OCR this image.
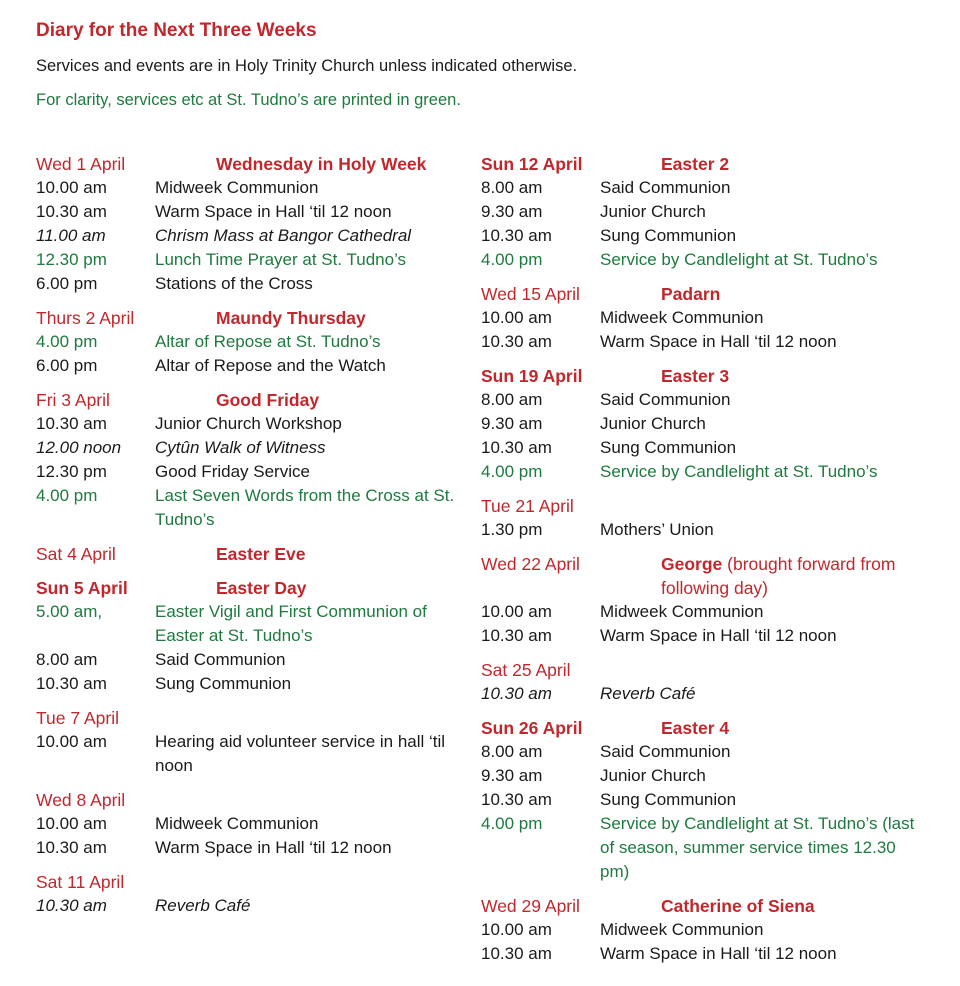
Diary for the Next Three Weeks
Services and events are in Holy Trinity Church unless indicated otherwise.
For clarity, services etc at St. Tudno’s are printed in green.
Wed 1 April	Wednesday in Holy Week
10.00 am	Midweek Communion
10.30 am	Warm Space in Hall ‘til 12 noon
11.00 am	Chrism Mass at Bangor Cathedral
12.30 pm	Lunch Time Prayer at St. Tudno’s
6.00 pm	Stations of the Cross
Thurs 2 April	Maundy Thursday
4.00 pm	Altar of Repose at St. Tudno’s
6.00 pm	Altar of Repose and the Watch
Fri 3 April	Good Friday
10.30 am	Junior Church Workshop
12.00 noon	Cytûn Walk of Witness
12.30 pm	Good Friday Service
4.00 pm	Last Seven Words from the Cross at St. Tudno’s
Sat 4 April	Easter Eve
Sun 5 April	Easter Day
5.00 am,	Easter Vigil and First Communion of Easter at St. Tudno’s
8.00 am	Said Communion
10.30 am	Sung Communion
Tue 7 April
10.00 am	Hearing aid volunteer service in hall ‘til noon
Wed 8 April
10.00 am	Midweek Communion
10.30 am	Warm Space in Hall ‘til 12 noon
Sat 11 April
10.30 am	Reverb Café
Sun 12 April	Easter 2
8.00 am	Said Communion
9.30 am	Junior Church
10.30 am	Sung Communion
4.00 pm	Service by Candlelight at St. Tudno’s
Wed 15 April	Padarn
10.00 am	Midweek Communion
10.30 am	Warm Space in Hall ‘til 12 noon
Sun 19 April	Easter 3
8.00 am	Said Communion
9.30 am	Junior Church
10.30 am	Sung Communion
4.00 pm	Service by Candlelight at St. Tudno’s
Tue 21 April
1.30 pm	Mothers’ Union
Wed 22 April	George (brought forward from following day)
10.00 am	Midweek Communion
10.30 am	Warm Space in Hall ‘til 12 noon
Sat 25 April
10.30 am	Reverb Café
Sun 26 April	Easter 4
8.00 am	Said Communion
9.30 am	Junior Church
10.30 am	Sung Communion
4.00 pm	Service by Candlelight at St. Tudno’s (last of season, summer service times 12.30 pm)
Wed 29 April	Catherine of Siena
10.00 am	Midweek Communion
10.30 am	Warm Space in Hall ‘til 12 noon
